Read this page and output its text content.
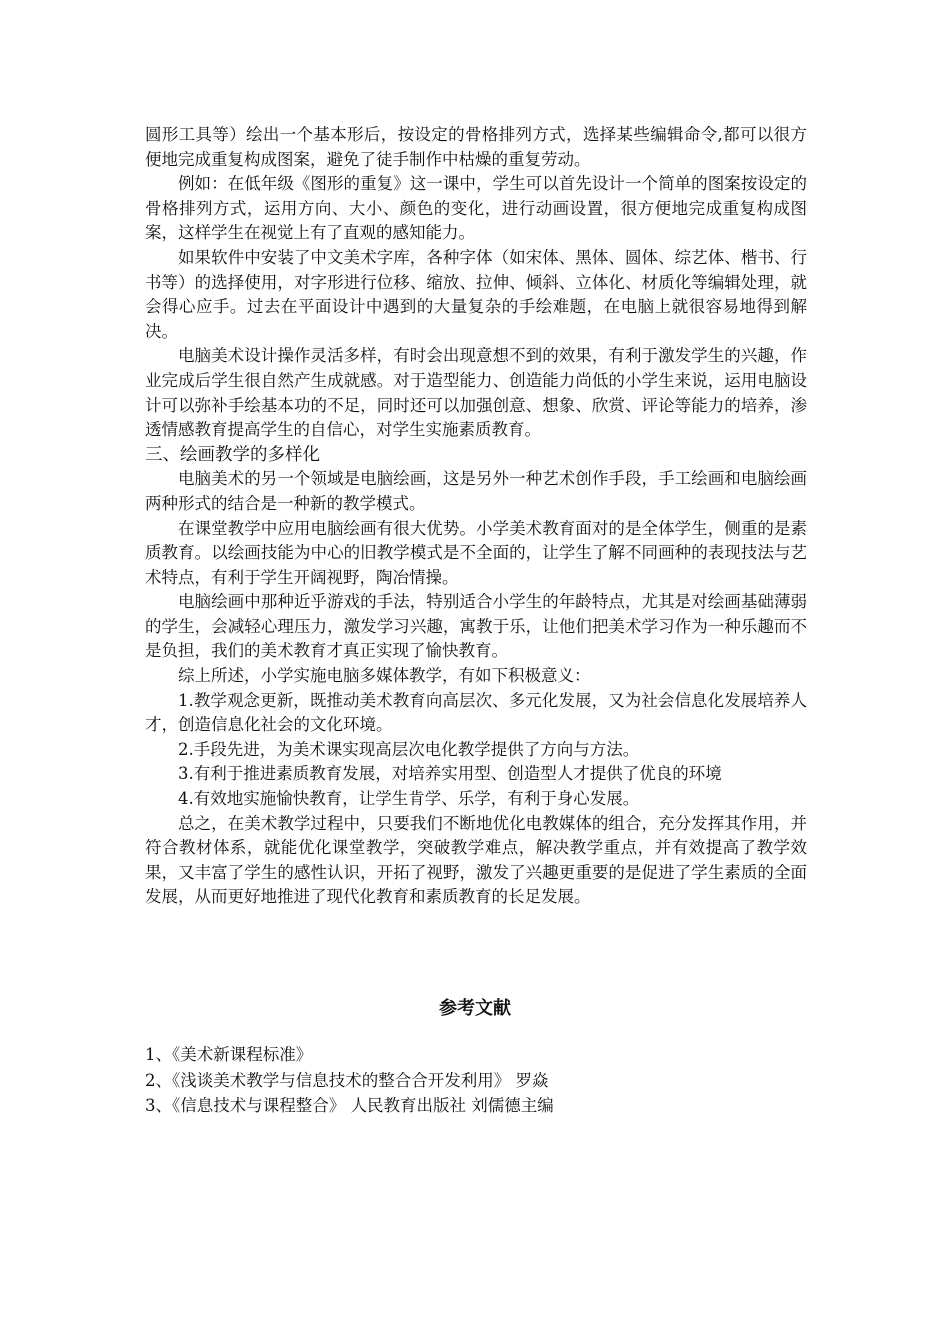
圆形工具等）绘出一个基本形后，按设定的骨格排列方式，选择某些编辑命令,都可以很方便地完成重复构成图案，避免了徒手制作中枯燥的重复劳动。

例如：在低年级《图形的重复》这一课中，学生可以首先设计一个简单的图案按设定的骨格排列方式，运用方向、大小、颜色的变化，进行动画设置，很方便地完成重复构成图案，这样学生在视觉上有了直观的感知能力。

如果软件中安装了中文美术字库，各种字体（如宋体、黑体、圆体、综艺体、楷书、行书等）的选择使用，对字形进行位移、缩放、拉伸、倾斜、立体化、材质化等编辑处理，就会得心应手。过去在平面设计中遇到的大量复杂的手绘难题，在电脑上就很容易地得到解决。

电脑美术设计操作灵活多样，有时会出现意想不到的效果，有利于激发学生的兴趣，作业完成后学生很自然产生成就感。对于造型能力、创造能力尚低的小学生来说，运用电脑设计可以弥补手绘基本功的不足，同时还可以加强创意、想象、欣赏、评论等能力的培养，渗透情感教育提高学生的自信心，对学生实施素质教育。

三、绘画教学的多样化

电脑美术的另一个领域是电脑绘画，这是另外一种艺术创作手段，手工绘画和电脑绘画两种形式的结合是一种新的教学模式。

在课堂教学中应用电脑绘画有很大优势。小学美术教育面对的是全体学生，侧重的是素质教育。以绘画技能为中心的旧教学模式是不全面的，让学生了解不同画种的表现技法与艺术特点，有利于学生开阔视野，陶冶情操。

电脑绘画中那种近乎游戏的手法，特别适合小学生的年龄特点，尤其是对绘画基础薄弱的学生，会减轻心理压力，激发学习兴趣，寓教于乐，让他们把美术学习作为一种乐趣而不是负担，我们的美术教育才真正实现了愉快教育。

综上所述，小学实施电脑多媒体教学，有如下积极意义：

1.教学观念更新，既推动美术教育向高层次、多元化发展，又为社会信息化发展培养人才，创造信息化社会的文化环境。

2.手段先进，为美术课实现高层次电化教学提供了方向与方法。

3.有利于推进素质教育发展，对培养实用型、创造型人才提供了优良的环境

4.有效地实施愉快教育，让学生肯学、乐学，有利于身心发展。

总之，在美术教学过程中，只要我们不断地优化电教媒体的组合，充分发挥其作用，并符合教材体系，就能优化课堂教学，突破教学难点，解决教学重点，并有效提高了教学效果，又丰富了学生的感性认识，开拓了视野，激发了兴趣更重要的是促进了学生素质的全面发展，从而更好地推进了现代化教育和素质教育的长足发展。

参考文献
1、《美术新课程标准》
2、《浅谈美术教学与信息技术的整合合开发利用》 罗焱
3、《信息技术与课程整合》 人民教育出版社 刘儒德主编
